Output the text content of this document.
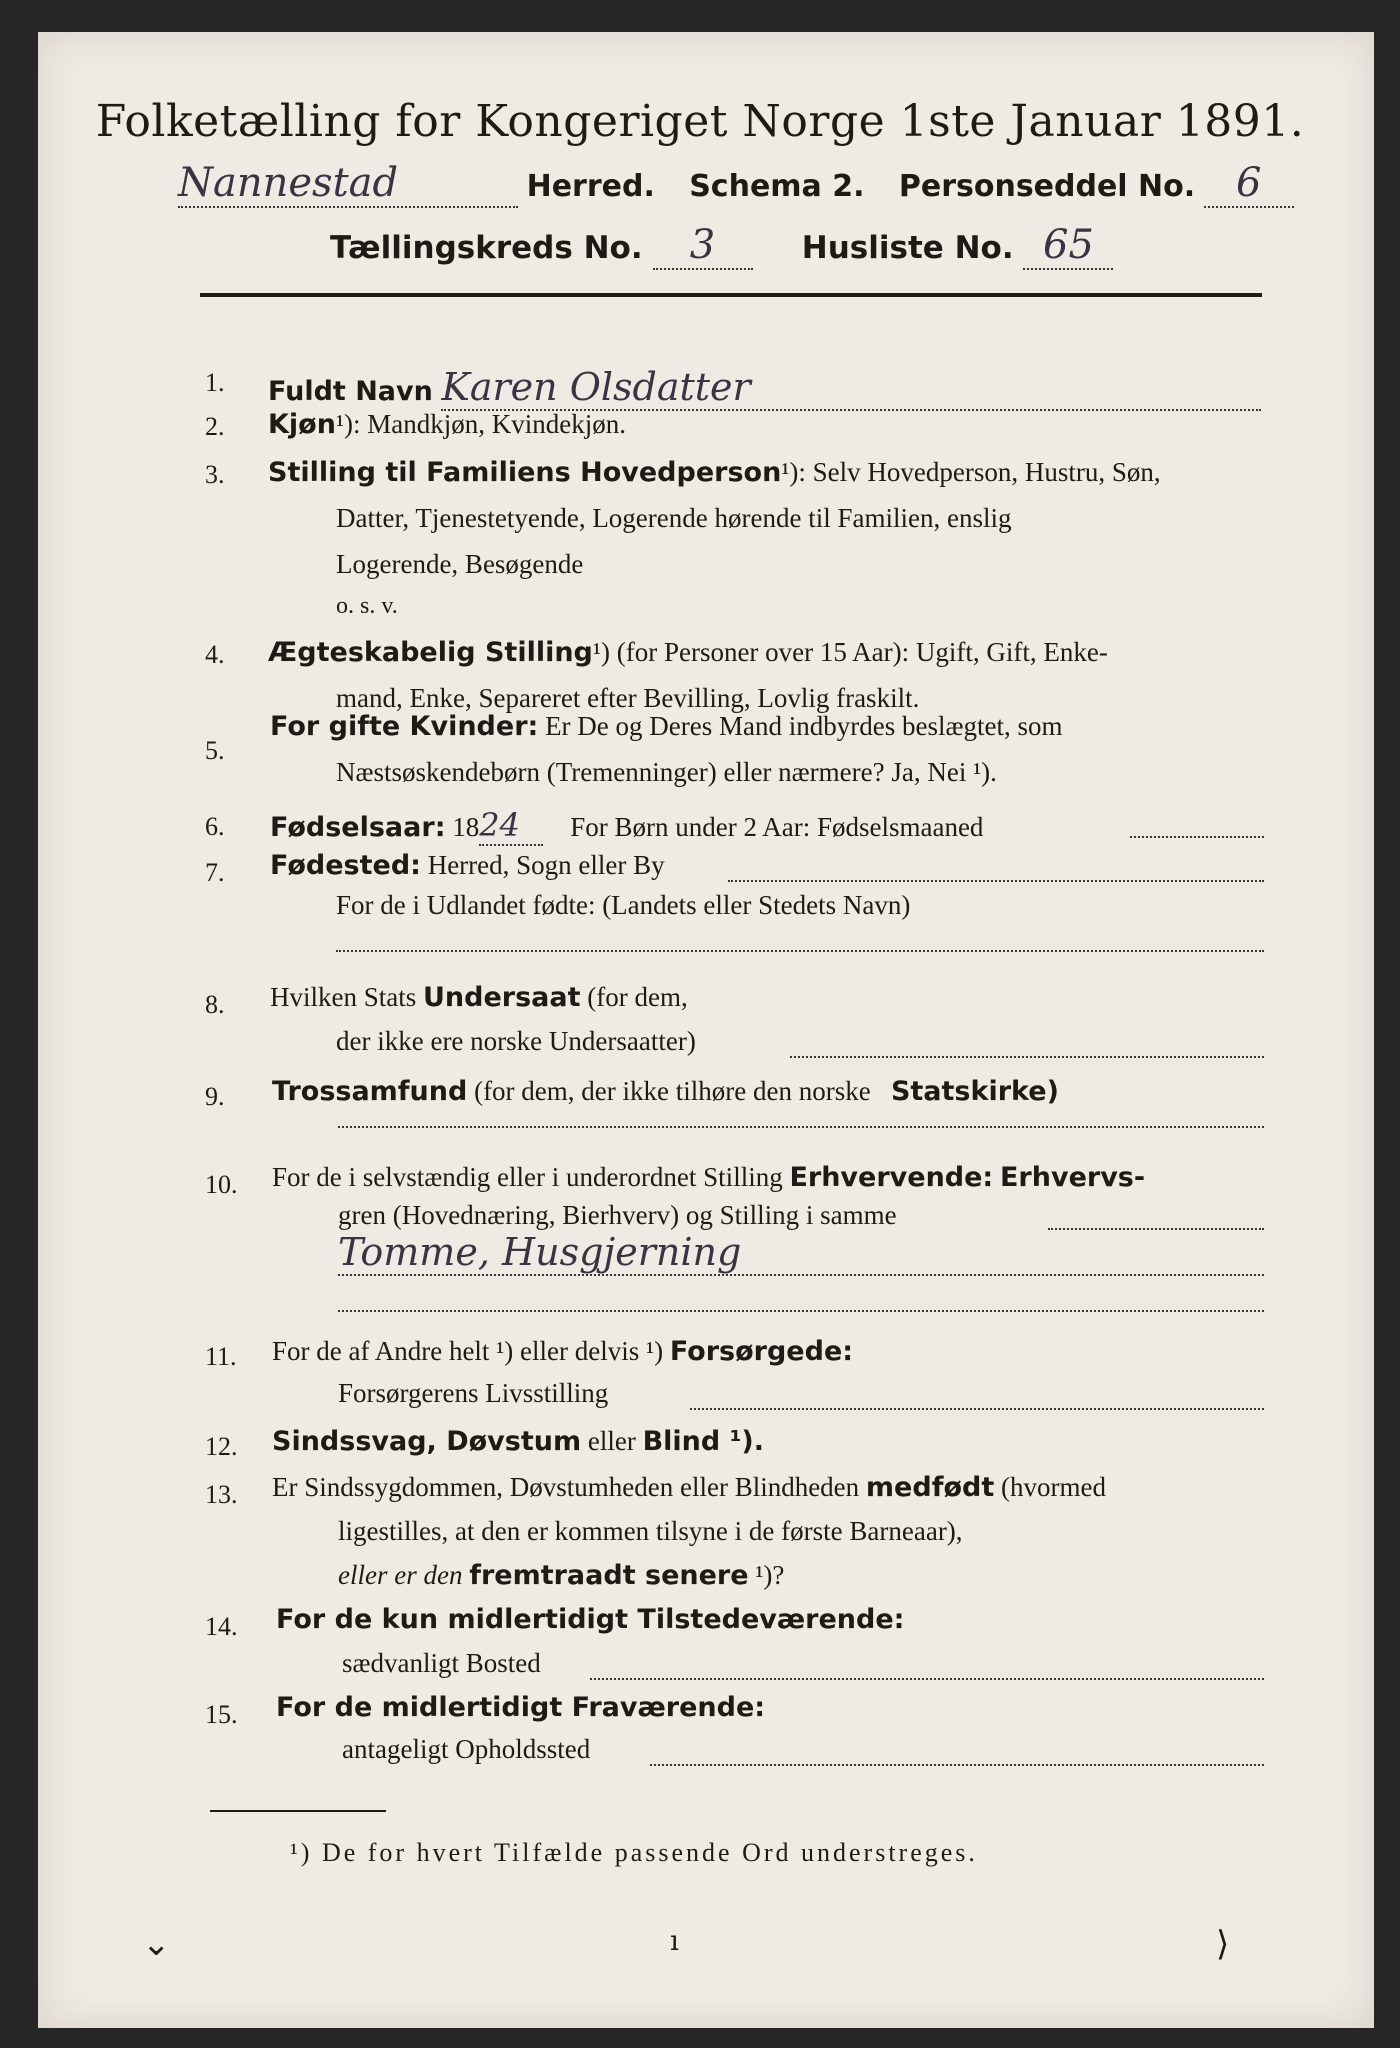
Folketælling for Kongeriget Norge 1ste Januar 1891.
Nannestad	Herred. Schema 2. Personseddel No. 6
Tællingskreds No. 3	Husliste No. 65
1. Fuldt Navn Karen Olsdatter
2. Kjøn¹): Mandkjøn, Kvindekjøn.
3. Stilling til Familiens Hovedperson¹): Selv Hovedperson, Hustru, Søn,
Datter, Tjenestetyende, Logerende hørende til Familien, enslig
Logerende, Besøgende
o. s. v.
4. Ægteskabelig Stilling¹) (for Personer over 15 Aar): Ugift, Gift, Enke-
mand, Enke, Separeret efter Bevilling, Lovlig fraskilt.
5.
For gifte Kvinder: Er De og Deres Mand indbyrdes beslægtet, som
Næstsøskendebørn (Tremenninger) eller nærmere? Ja, Nei ¹).
6. Fødselsaar: 1824 For Børn under 2 Aar: Fødselsmaaned
7. Fødested: Herred, Sogn eller By
For de i Udlandet fødte: (Landets eller Stedets Navn)
8. Hvilken Stats Undersaat (for dem,
der ikke ere norske Undersaatter)
9. Trossamfund (for dem, der ikke tilhøre den norske Statskirke)
10. For de i selvstændig eller i underordnet Stilling Erhvervende: Erhvervs-
gren (Hovednæring, Bierhverv) og Stilling i samme
Tomme, Husgjerning
11. For de af Andre helt ¹) eller delvis ¹) Forsørgede:
Forsørgerens Livsstilling
12. Sindssvag, Døvstum eller Blind ¹).
13. Er Sindssygdommen, Døvstumheden eller Blindheden medfødt (hvormed
ligestilles, at den er kommen tilsyne i de første Barneaar),
eller er den fremtraadt senere ¹)?
14. For de kun midlertidigt Tilstedeværende:
sædvanligt Bosted
15. For de midlertidigt Fraværende:
antageligt Opholdssted
¹) De for hvert Tilfælde passende Ord understreges.
⌄	ı	⟩
